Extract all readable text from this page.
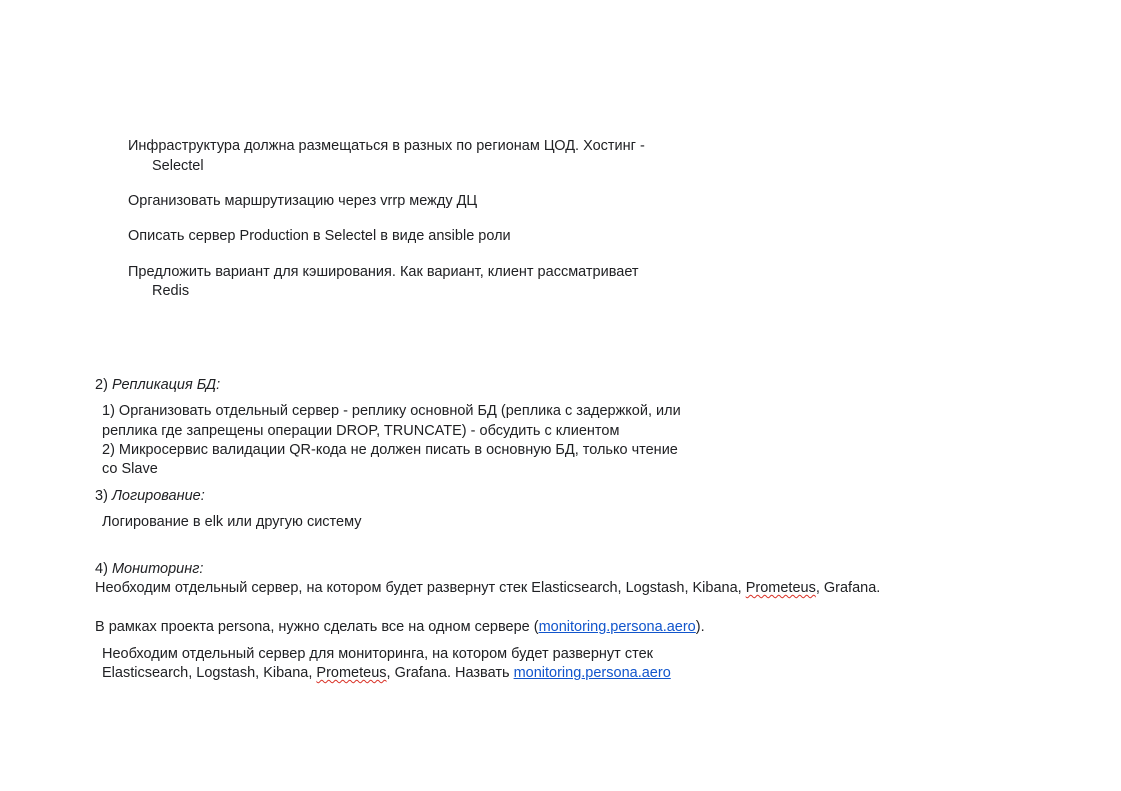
Инфраструктура должна размещаться в разных по регионам ЦОД. Хостинг -
Selectel
Организовать маршрутизацию через vrrp между ДЦ
Описать сервер Production в Selectel в виде ansible роли
Предложить вариант для кэширования. Как вариант, клиент рассматривает
Redis
2) Репликация БД:
1) Организовать отдельный сервер - реплику основной БД (реплика с задержкой, или
реплика где запрещены операции DROP, TRUNCATE) - обсудить с клиентом
2) Микросервис валидации QR-кода не должен писать в основную БД, только чтение
со Slave
3) Логирование:
Логирование в elk или другую систему
4) Мониторинг:
Необходим отдельный сервер, на котором будет развернут стек Elasticsearch, Logstash, Kibana, Prometeus, Grafana.
В рамках проекта persona, нужно сделать все на одном сервере (monitoring.persona.aero).
Необходим отдельный сервер для мониторинга, на котором будет развернут стек
Elasticsearch, Logstash, Kibana, Prometeus, Grafana. Назвать monitoring.persona.aero
